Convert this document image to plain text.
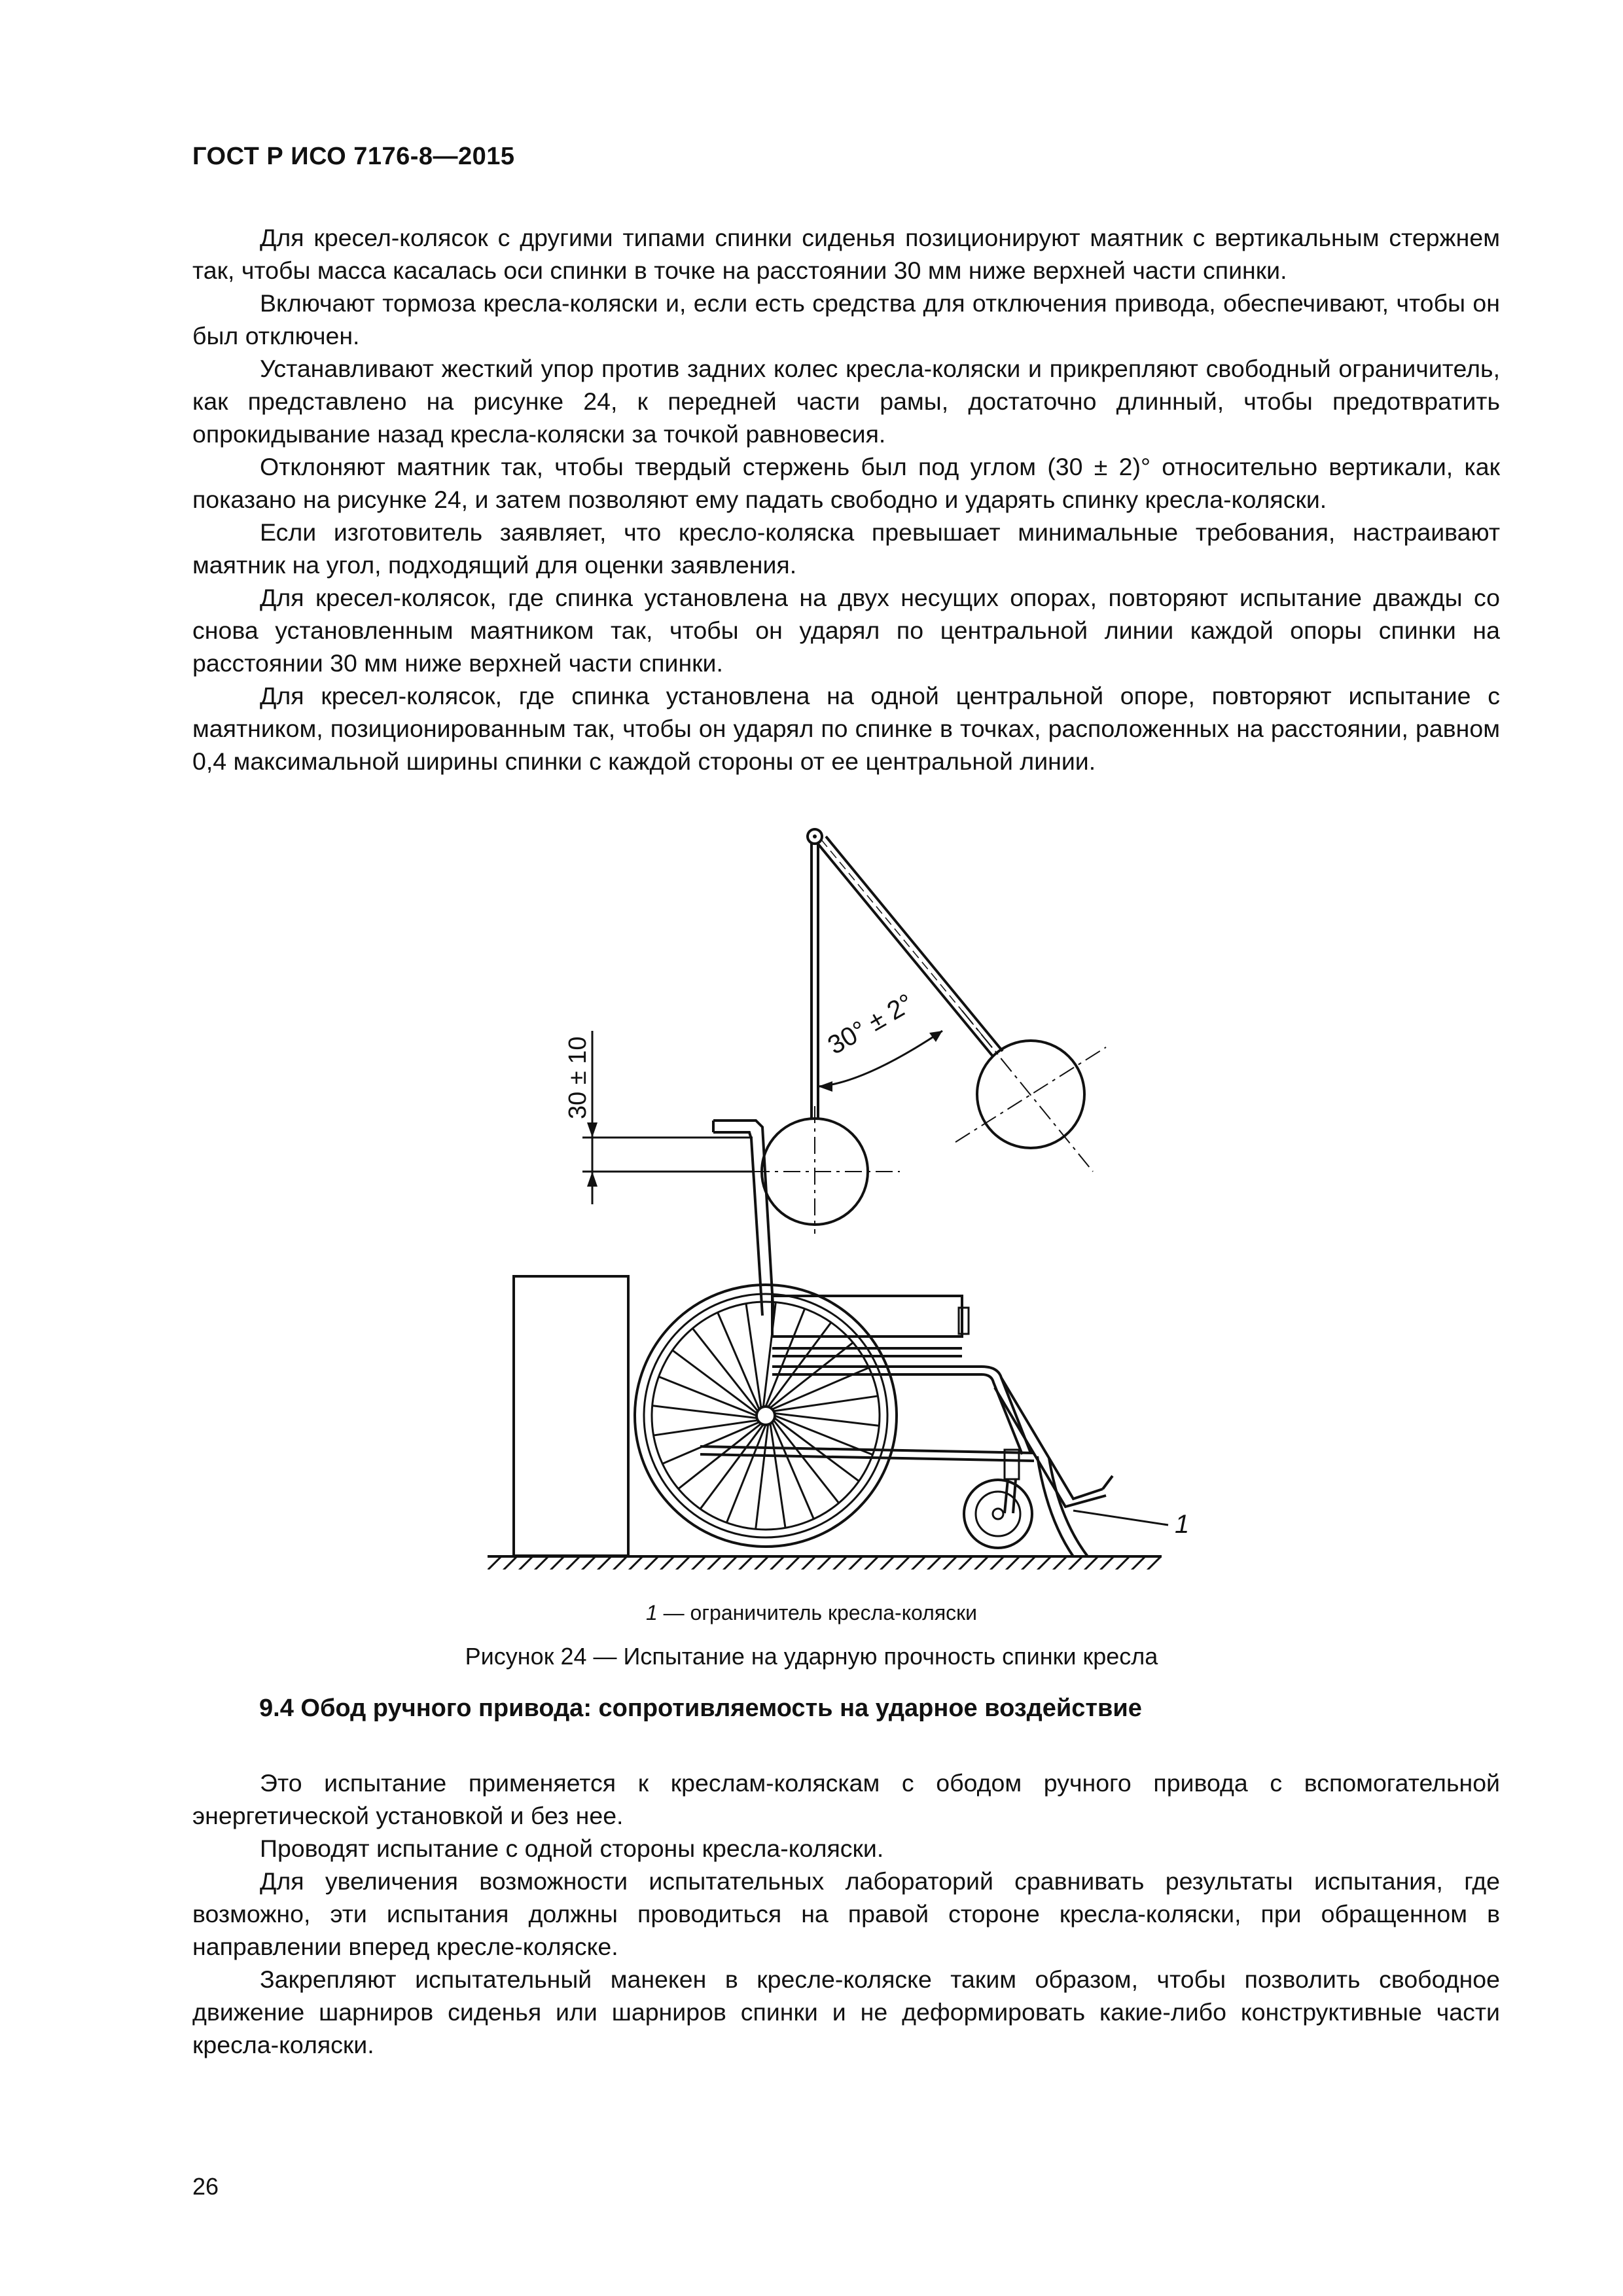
ГОСТ Р ИСО 7176-8—2015

Для кресел-колясок с другими типами спинки сиденья позиционируют маятник с вертикальным стержнем так, чтобы масса касалась оси спинки в точке на расстоянии 30 мм ниже верхней части спинки.

Включают тормоза кресла-коляски и, если есть средства для отключения привода, обеспечивают, чтобы он был отключен.

Устанавливают жесткий упор против задних колес кресла-коляски и прикрепляют свободный ограничитель, как представлено на рисунке 24, к передней части рамы, достаточно длинный, чтобы предотвратить опрокидывание назад кресла-коляски за точкой равновесия.

Отклоняют маятник так, чтобы твердый стержень был под углом (30 ± 2)° относительно вертикали, как показано на рисунке 24, и затем позволяют ему падать свободно и ударять спинку кресла-коляски.

Если изготовитель заявляет, что кресло-коляска превышает минимальные требования, настраивают маятник на угол, подходящий для оценки заявления.

Для кресел-колясок, где спинка установлена на двух несущих опорах, повторяют испытание дважды со снова установленным маятником так, чтобы он ударял по центральной линии каждой опоры спинки на расстоянии 30 мм ниже верхней части спинки.

Для кресел-колясок, где спинка установлена на одной центральной опоре, повторяют испытание с маятником, позиционированным так, чтобы он ударял по спинке в точках, расположенных на расстоянии, равном 0,4 максимальной ширины спинки с каждой стороны от ее центральной линии.

30° ± 2°
30 ± 10
1
1 — ограничитель кресла-коляски
Рисунок 24 — Испытание на ударную прочность спинки кресла
9.4 Обод ручного привода: сопротивляемость на ударное воздействие

Это испытание применяется к креслам-коляскам с ободом ручного привода с вспомогательной энергетической установкой и без нее.

Проводят испытание с одной стороны кресла-коляски.

Для увеличения возможности испытательных лабораторий сравнивать результаты испытания, где возможно, эти испытания должны проводиться на правой стороне кресла-коляски, при обращенном в направлении вперед кресле-коляске.

Закрепляют испытательный манекен в кресле-коляске таким образом, чтобы позволить свободное движение шарниров сиденья или шарниров спинки и не деформировать какие-либо конструктивные части кресла-коляски.

26
